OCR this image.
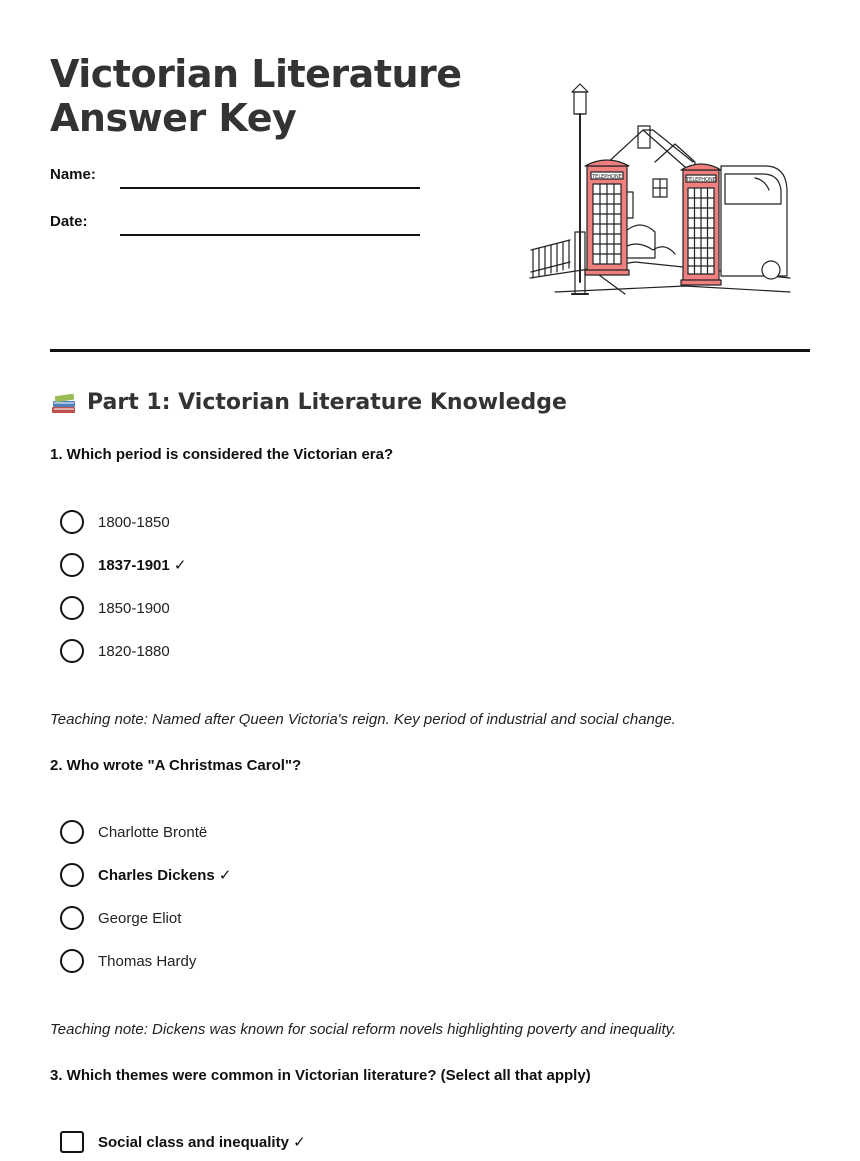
Victorian Literature
Answer Key
Name:
Date:
TELEPHONE	TELEPHONE
Part 1: Victorian Literature Knowledge
1. Which period is considered the Victorian era?
1800-1850
1837-1901 ✓
1850-1900
1820-1880
Teaching note: Named after Queen Victoria's reign. Key period of industrial and social change.
2. Who wrote "A Christmas Carol"?
Charlotte Brontë
Charles Dickens ✓
George Eliot
Thomas Hardy
Teaching note: Dickens was known for social reform novels highlighting poverty and inequality.
3. Which themes were common in Victorian literature? (Select all that apply)
Social class and inequality ✓
